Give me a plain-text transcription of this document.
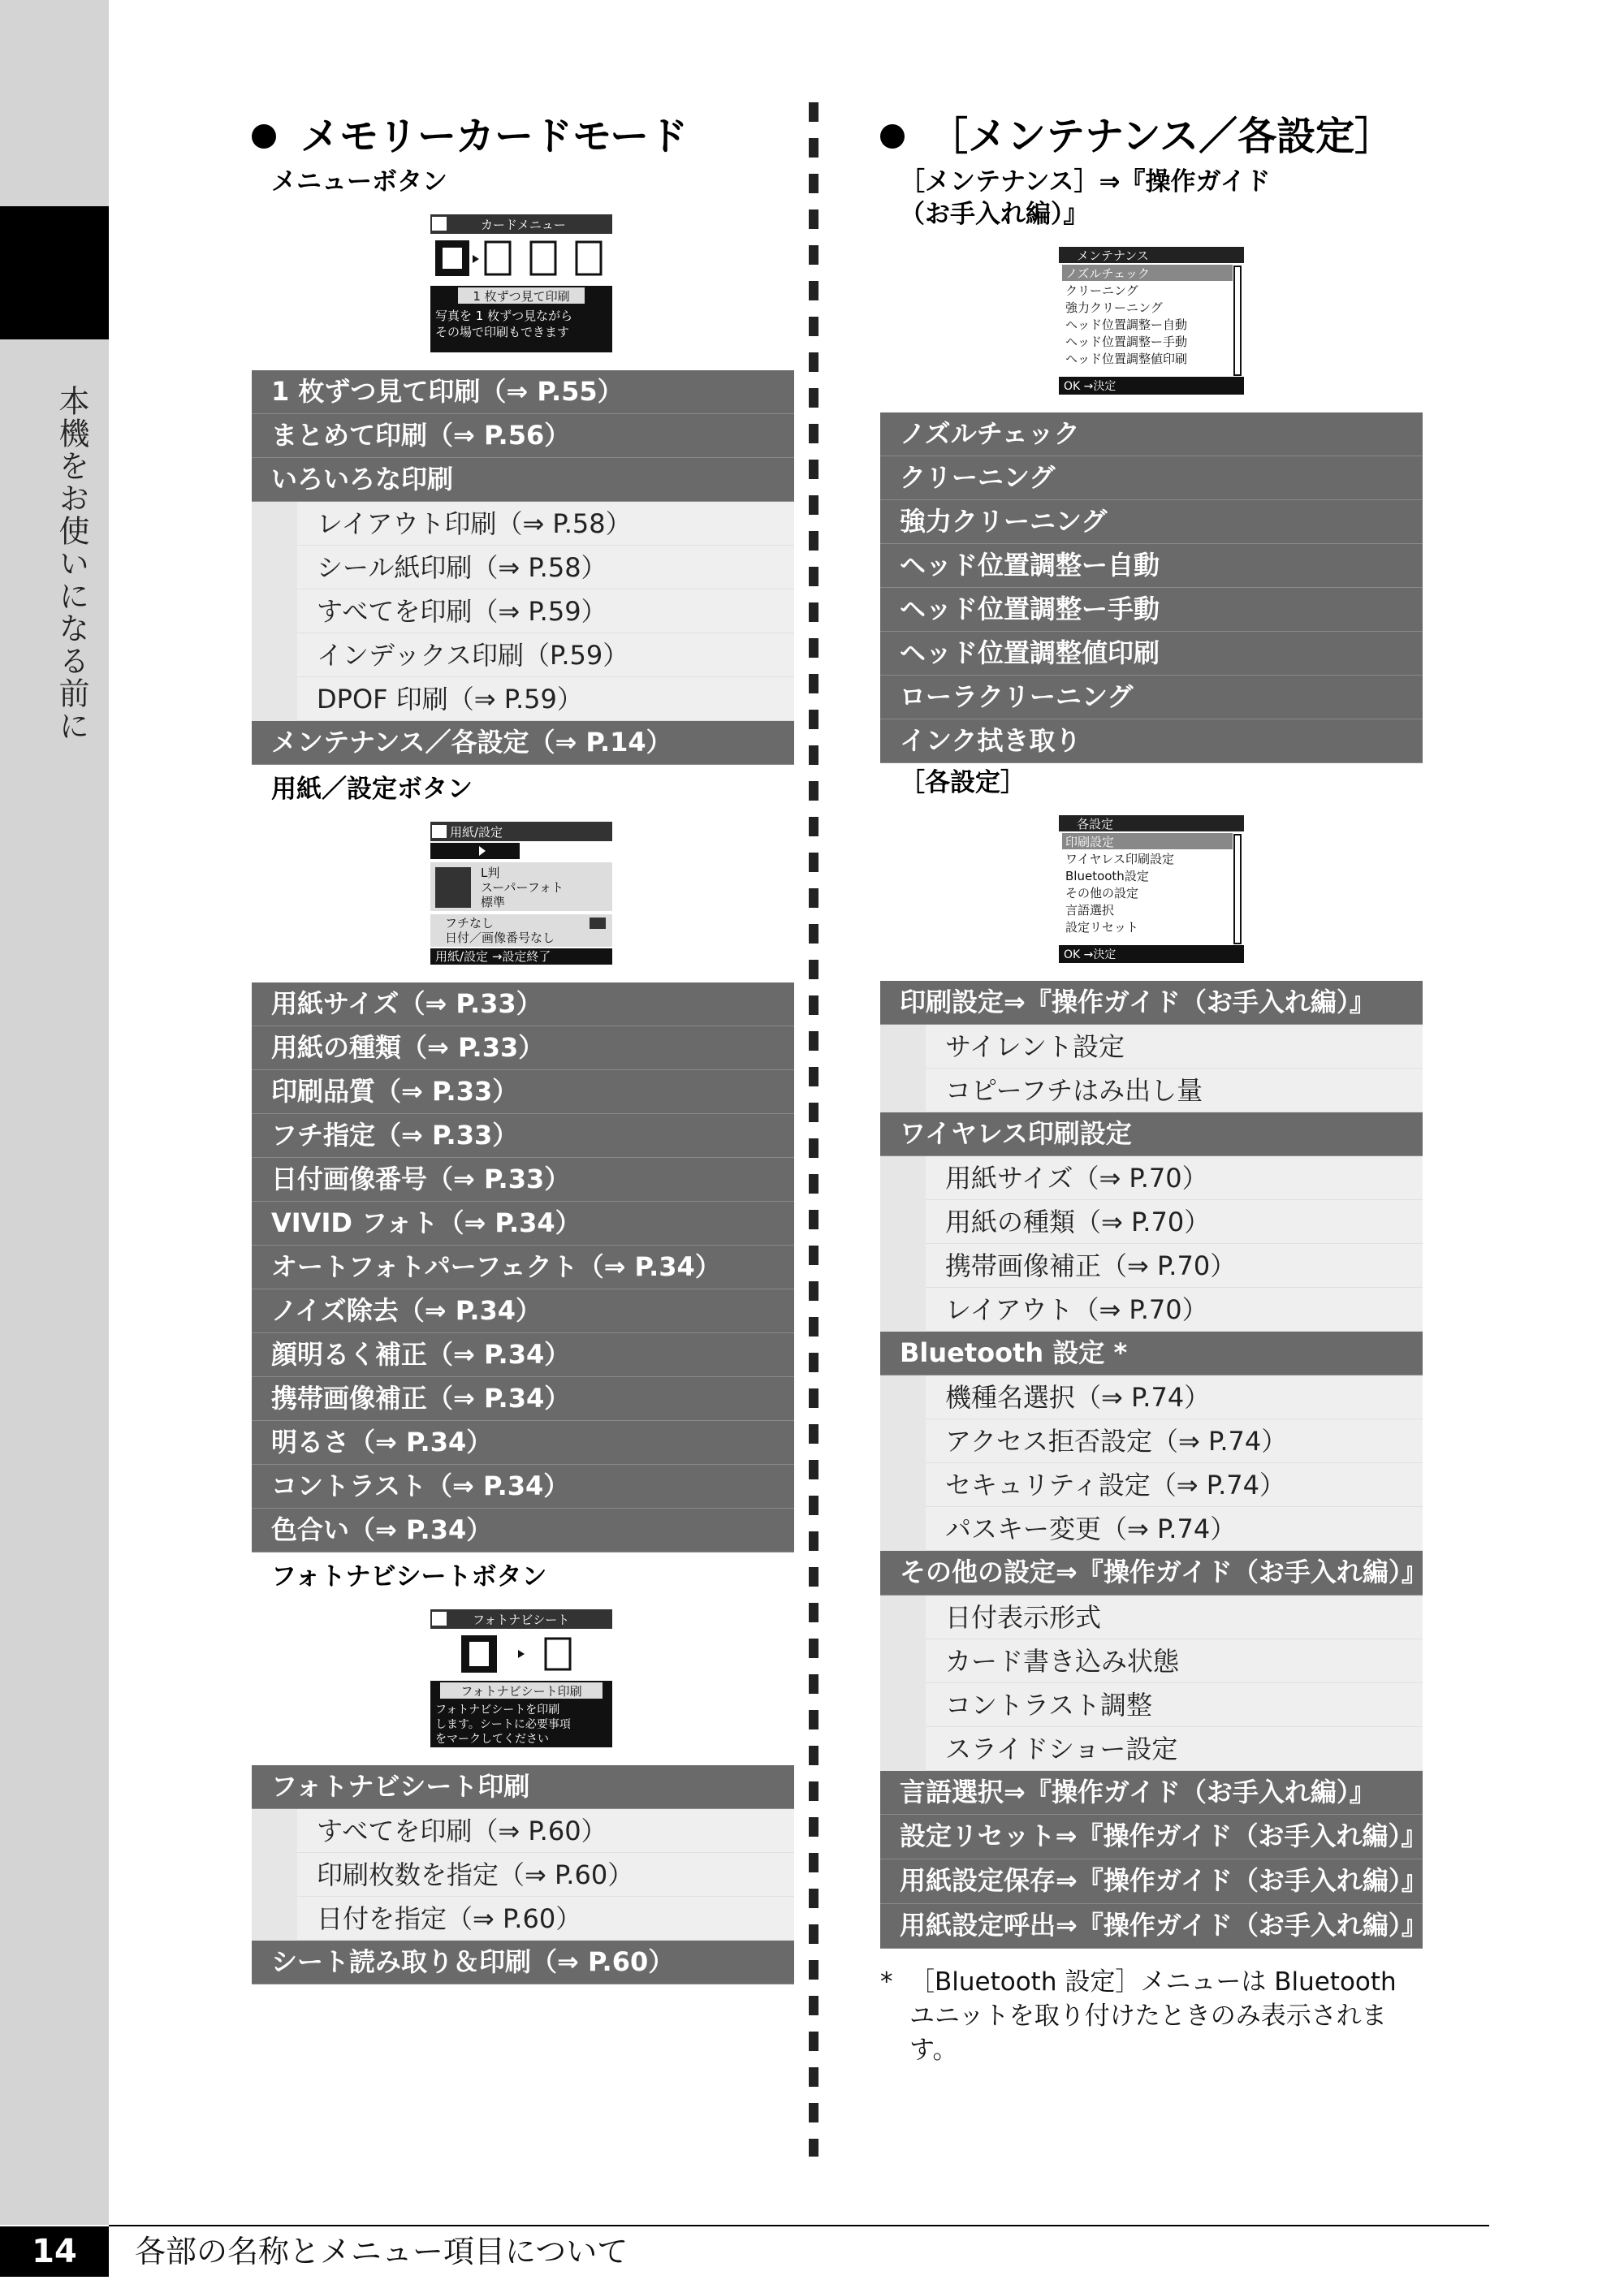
本機をお使いになる前に
メモリーカードモード
メニューボタン
カードメニュー
1 枚ずつ見て印刷
写真を 1 枚ずつ見ながら
その場で印刷もできます
1 枚ずつ見て印刷（⇒ P.55）
まとめて印刷（⇒ P.56）
いろいろな印刷
レイアウト印刷（⇒ P.58）
シール紙印刷（⇒ P.58）
すべてを印刷（⇒ P.59）
インデックス印刷（P.59）
DPOF 印刷（⇒ P.59）
メンテナンス／各設定（⇒ P.14）
用紙／設定ボタン
用紙/設定
L判
スーパーフォト
標準
フチなし
日付／画像番号なし
用紙/設定 →設定終了
用紙サイズ（⇒ P.33）
用紙の種類（⇒ P.33）
印刷品質（⇒ P.33）
フチ指定（⇒ P.33）
日付画像番号（⇒ P.33）
VIVID フォト（⇒ P.34）
オートフォトパーフェクト（⇒ P.34）
ノイズ除去（⇒ P.34）
顔明るく補正（⇒ P.34）
携帯画像補正（⇒ P.34）
明るさ（⇒ P.34）
コントラスト（⇒ P.34）
色合い（⇒ P.34）
フォトナビシートボタン
フォトナビシート
フォトナビシート印刷
フォトナビシートを印刷
します。シートに必要事項
をマークしてください
フォトナビシート印刷
すべてを印刷（⇒ P.60）
印刷枚数を指定（⇒ P.60）
日付を指定（⇒ P.60）
シート読み取り＆印刷（⇒ P.60）
［メンテナンス／各設定］
［メンテナンス］⇒『操作ガイド
（お手入れ編）』
メンテナンス
ノズルチェック
クリーニング
強力クリーニング
ヘッド位置調整ー自動
ヘッド位置調整ー手動
ヘッド位置調整値印刷
OK →決定
ノズルチェック
クリーニング
強力クリーニング
ヘッド位置調整ー自動
ヘッド位置調整ー手動
ヘッド位置調整値印刷
ローラクリーニング
インク拭き取り
［各設定］
各設定
印刷設定
ワイヤレス印刷設定
Bluetooth設定
その他の設定
言語選択
設定リセット
OK →決定
印刷設定⇒『操作ガイド（お手入れ編）』
サイレント設定
コピーフチはみ出し量
ワイヤレス印刷設定
用紙サイズ（⇒ P.70）
用紙の種類（⇒ P.70）
携帯画像補正（⇒ P.70）
レイアウト（⇒ P.70）
Bluetooth 設定 *
機種名選択（⇒ P.74）
アクセス拒否設定（⇒ P.74）
セキュリティ設定（⇒ P.74）
パスキー変更（⇒ P.74）
その他の設定⇒『操作ガイド（お手入れ編）』
日付表示形式
カード書き込み状態
コントラスト調整
スライドショー設定
言語選択⇒『操作ガイド（お手入れ編）』
設定リセット⇒『操作ガイド（お手入れ編）』
用紙設定保存⇒『操作ガイド（お手入れ編）』
用紙設定呼出⇒『操作ガイド（お手入れ編）』
* ［Bluetooth 設定］メニューは Bluetooth ユニットを取り付けたときのみ表示されます。
14	各部の名称とメニュー項目について
